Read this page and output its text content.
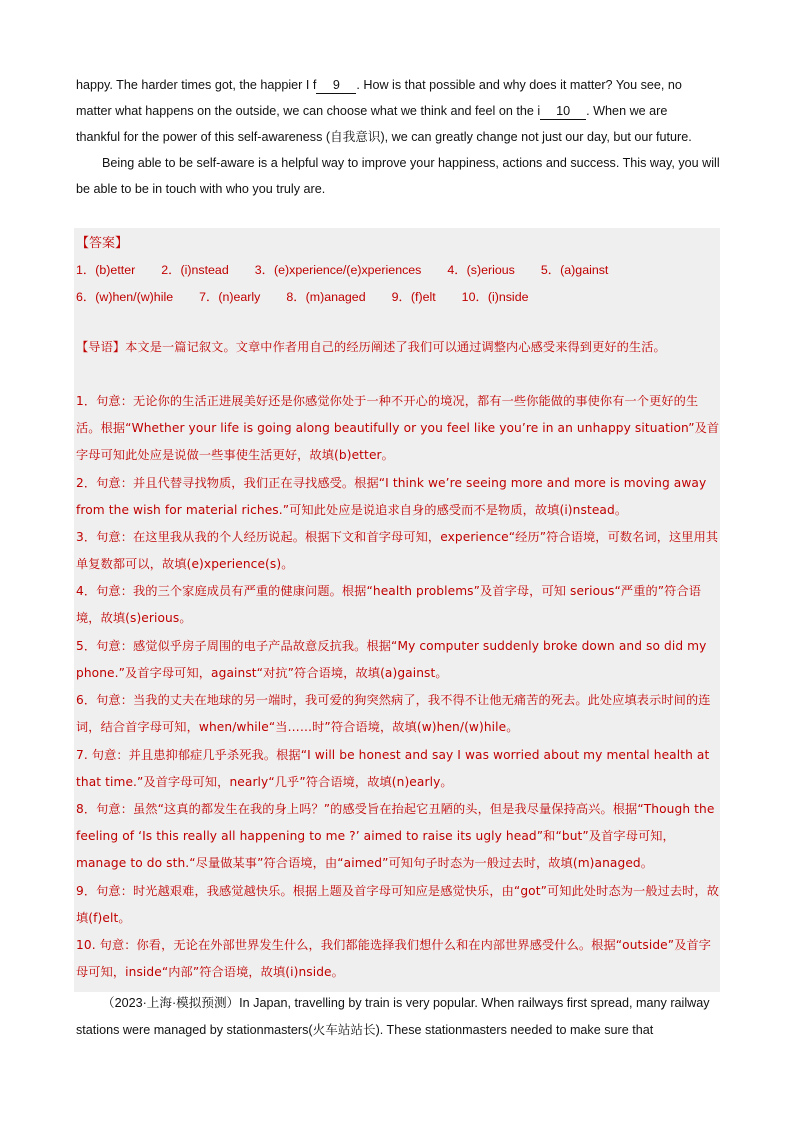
happy. The harder times got, the happier I f 9 . How is that possible and why does it matter? You see, no

matter what happens on the outside, we can choose what we think and feel on the i 10 . When we are

thankful for the power of this self-awareness (自我意识), we can greatly change not just our day, but our future.

Being able to be self-aware is a helpful way to improve your happiness, actions and success. This way, you will be able to be in touch with who you truly are.

【答案】
1．(b)etter 2．(i)nstead 3．(e)xperience/(e)xperiences 4．(s)erious 5．(a)gainst
6．(w)hen/(w)hile 7．(n)early 8．(m)anaged 9．(f)elt 10．(i)nside
【导语】本文是一篇记叙文。文章中作者用自己的经历阐述了我们可以通过调整内心感受来得到更好的生活。
1．句意：无论你的生活正进展美好还是你感觉你处于一种不开心的境况，都有一些你能做的事使你有一个更好的生活。根据“Whether your life is going along beautifully or you feel like you’re in an unhappy situation”及首字母可知此处应是说做一些事使生活更好，故填(b)etter。
2．句意：并且代替寻找物质，我们正在寻找感受。根据“I think we’re seeing more and more is moving away from the wish for material riches.”可知此处应是说追求自身的感受而不是物质，故填(i)nstead。
3．句意：在这里我从我的个人经历说起。根据下文和首字母可知，experience“经历”符合语境，可数名词，这里用其单复数都可以，故填(e)xperience(s)。
4．句意：我的三个家庭成员有严重的健康问题。根据“health problems”及首字母，可知 serious“严重的”符合语境，故填(s)erious。
5．句意：感觉似乎房子周围的电子产品故意反抗我。根据“My computer suddenly broke down and so did my phone.”及首字母可知，against“对抗”符合语境，故填(a)gainst。
6．句意：当我的丈夫在地球的另一端时，我可爱的狗突然病了，我不得不让他无痛苦的死去。此处应填表示时间的连词，结合首字母可知，when/while“当……时”符合语境，故填(w)hen/(w)hile。
7. 句意：并且患抑郁症几乎杀死我。根据“I will be honest and say I was worried about my mental health at that time.”及首字母可知，nearly“几乎”符合语境，故填(n)early。
8．句意：虽然“这真的都发生在我的身上吗？”的感受旨在抬起它丑陋的头，但是我尽量保持高兴。根据“Though the feeling of ‘Is this really all happening to me ?’ aimed to raise its ugly head”和“but”及首字母可知，manage to do sth.“尽量做某事”符合语境，由“aimed”可知句子时态为一般过去时，故填(m)anaged。
9．句意：时光越艰难，我感觉越快乐。根据上题及首字母可知应是感觉快乐，由“got”可知此处时态为一般过去时，故填(f)elt。
10. 句意：你看，无论在外部世界发生什么，我们都能选择我们想什么和在内部世界感受什么。根据“outside”及首字母可知，inside“内部”符合语境，故填(i)nside。

（2023·上海·模拟预测）In Japan, travelling by train is very popular. When railways first spread, many railway stations were managed by stationmasters(火车站站长). These stationmasters needed to make sure that
